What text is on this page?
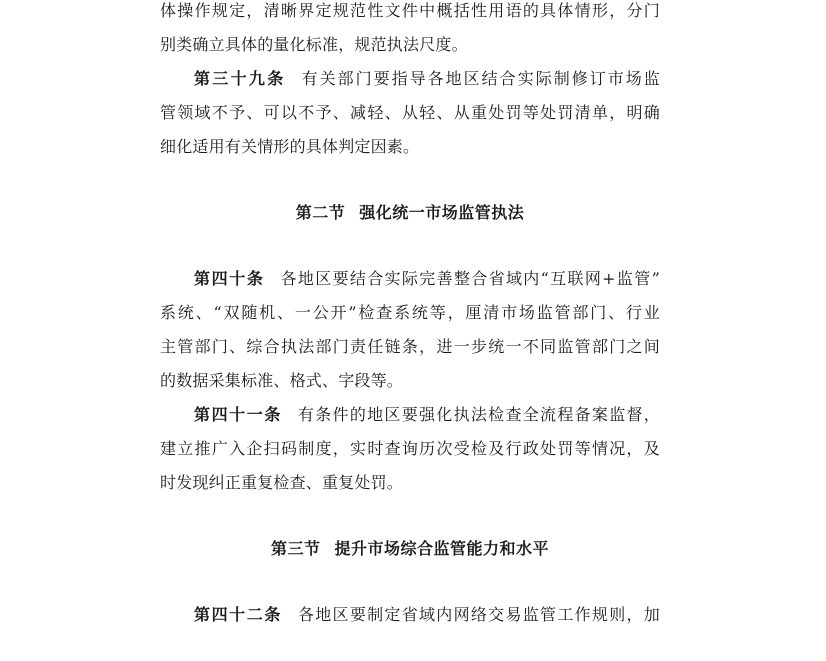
体操作规定，清晰界定规范性文件中概括性用语的具体情形，分门
别类确立具体的量化标准，规范执法尺度。
第三十九条 有关部门要指导各地区结合实际制修订市场监
管领域不予、可以不予、减轻、从轻、从重处罚等处罚清单，明确
细化适用有关情形的具体判定因素。
第二节 强化统一市场监管执法
第四十条 各地区要结合实际完善整合省域内“互联网+监管”
系统、“双随机、一公开”检查系统等，厘清市场监管部门、行业
主管部门、综合执法部门责任链条，进一步统一不同监管部门之间
的数据采集标准、格式、字段等。
第四十一条 有条件的地区要强化执法检查全流程备案监督，
建立推广入企扫码制度，实时查询历次受检及行政处罚等情况，及
时发现纠正重复检查、重复处罚。
第三节 提升市场综合监管能力和水平
第四十二条 各地区要制定省域内网络交易监管工作规则，加
